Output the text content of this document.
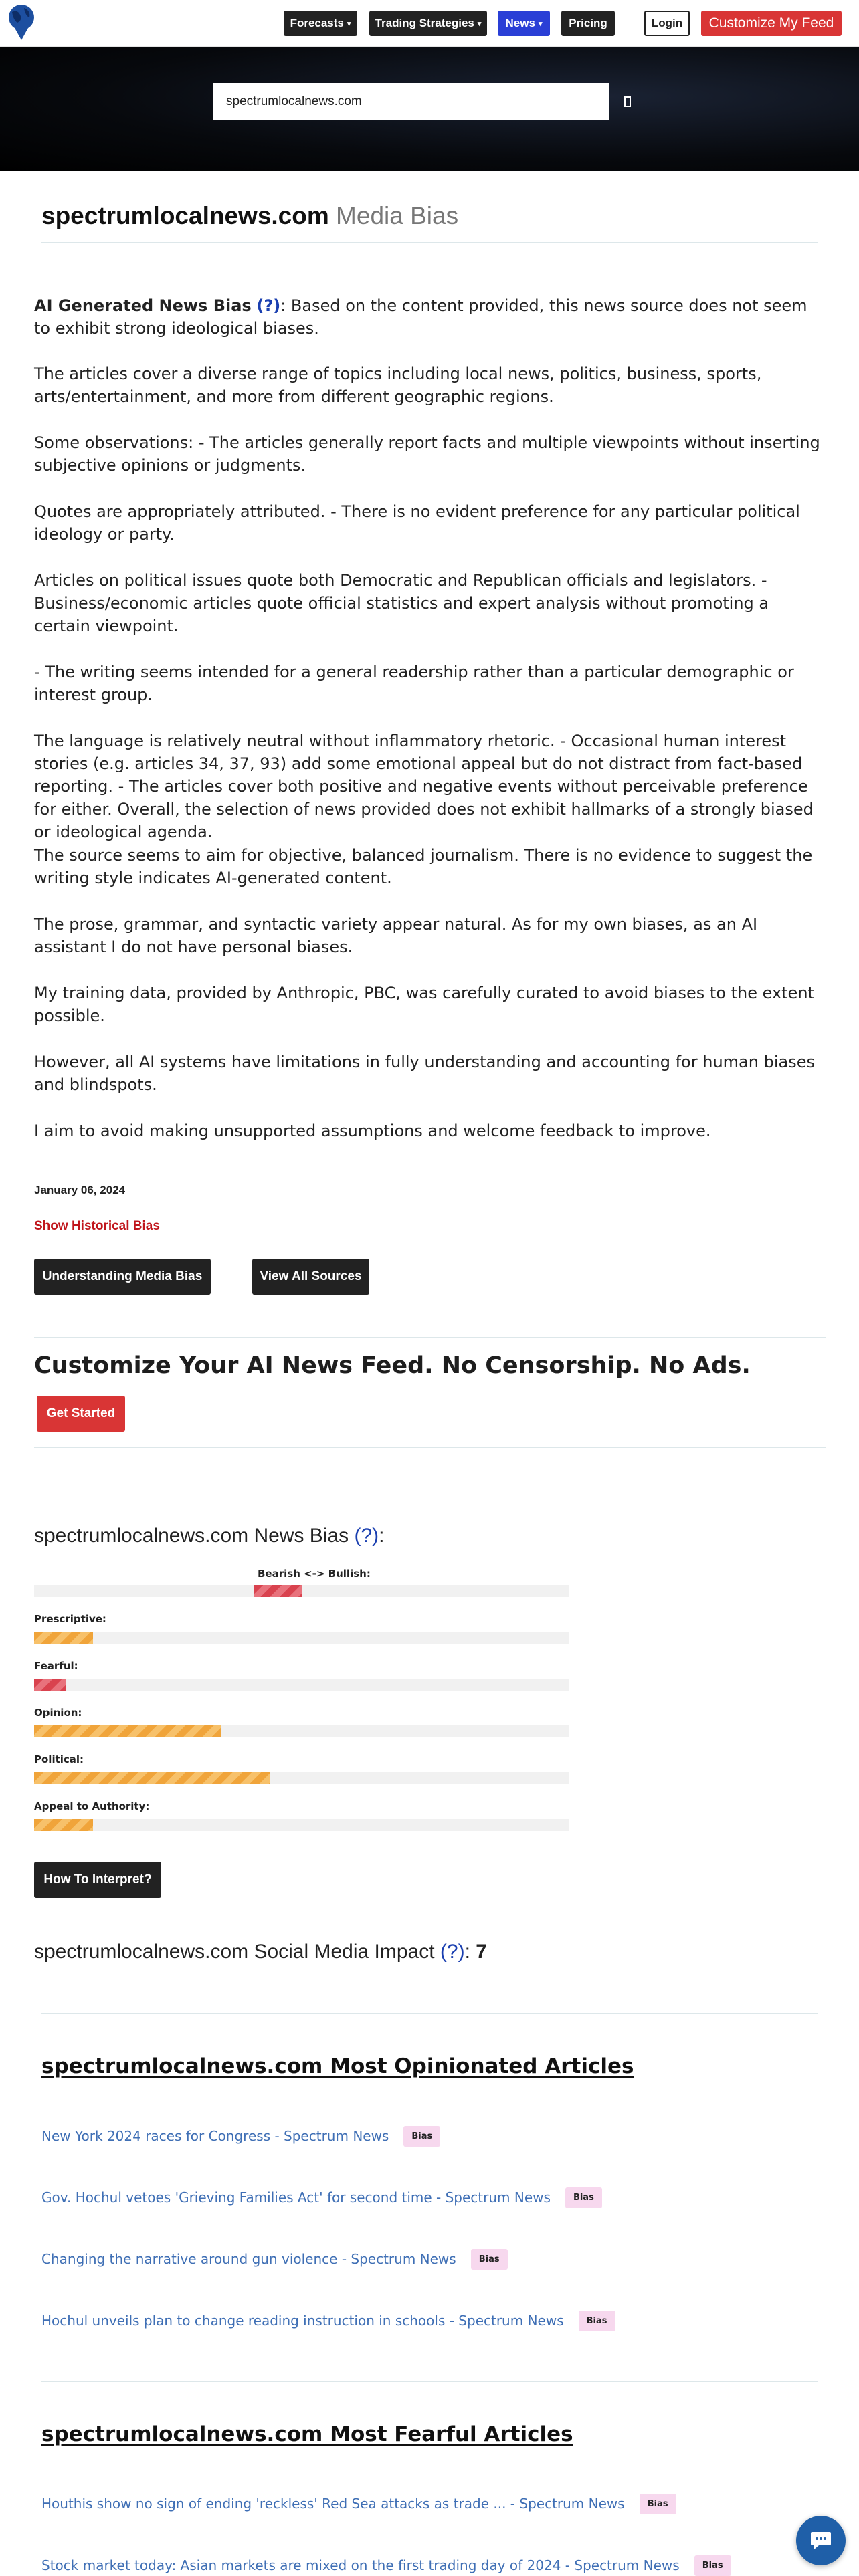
Forecasts ▾ Trading Strategies ▾ News ▾ Pricing	Login	Customize My Feed
spectrumlocalnews.com
spectrumlocalnews.com Media Bias
AI Generated News Bias (?): Based on the content provided, this news source does not seem to exhibit strong ideological biases.
The articles cover a diverse range of topics including local news, politics, business, sports, arts/entertainment, and more from different geographic regions.
Some observations: - The articles generally report facts and multiple viewpoints without inserting subjective opinions or judgments.
Quotes are appropriately attributed. - There is no evident preference for any particular political ideology or party.
Articles on political issues quote both Democratic and Republican officials and legislators. - Business/economic articles quote official statistics and expert analysis without promoting a certain viewpoint.
- The writing seems intended for a general readership rather than a particular demographic or interest group.
The language is relatively neutral without inflammatory rhetoric. - Occasional human interest stories (e.g. articles 34, 37, 93) add some emotional appeal but do not distract from fact-based reporting. - The articles cover both positive and negative events without perceivable preference for either. Overall, the selection of news provided does not exhibit hallmarks of a strongly biased or ideological agenda.
The source seems to aim for objective, balanced journalism. There is no evidence to suggest the writing style indicates AI-generated content.
The prose, grammar, and syntactic variety appear natural. As for my own biases, as an AI assistant I do not have personal biases.
My training data, provided by Anthropic, PBC, was carefully curated to avoid biases to the extent possible.
However, all AI systems have limitations in fully understanding and accounting for human biases and blindspots.
I aim to avoid making unsupported assumptions and welcome feedback to improve.
January 06, 2024
Show Historical Bias
Understanding Media Bias	View All Sources
Customize Your AI News Feed. No Censorship. No Ads.
Get Started
spectrumlocalnews.com News Bias (?):
Bearish <-> Bullish:
Prescriptive:
Fearful:
Opinion:
Political:
Appeal to Authority:
How To Interpret?
spectrumlocalnews.com Social Media Impact (?): 7
spectrumlocalnews.com Most Opinionated Articles
New York 2024 races for Congress - Spectrum News	Bias
Gov. Hochul vetoes 'Grieving Families Act' for second time - Spectrum News	Bias
Changing the narrative around gun violence - Spectrum News	Bias
Hochul unveils plan to change reading instruction in schools - Spectrum News	Bias
spectrumlocalnews.com Most Fearful Articles
Houthis show no sign of ending 'reckless' Red Sea attacks as trade ... - Spectrum News	Bias
Stock market today: Asian markets are mixed on the first trading day of 2024 - Spectrum News	Bias
